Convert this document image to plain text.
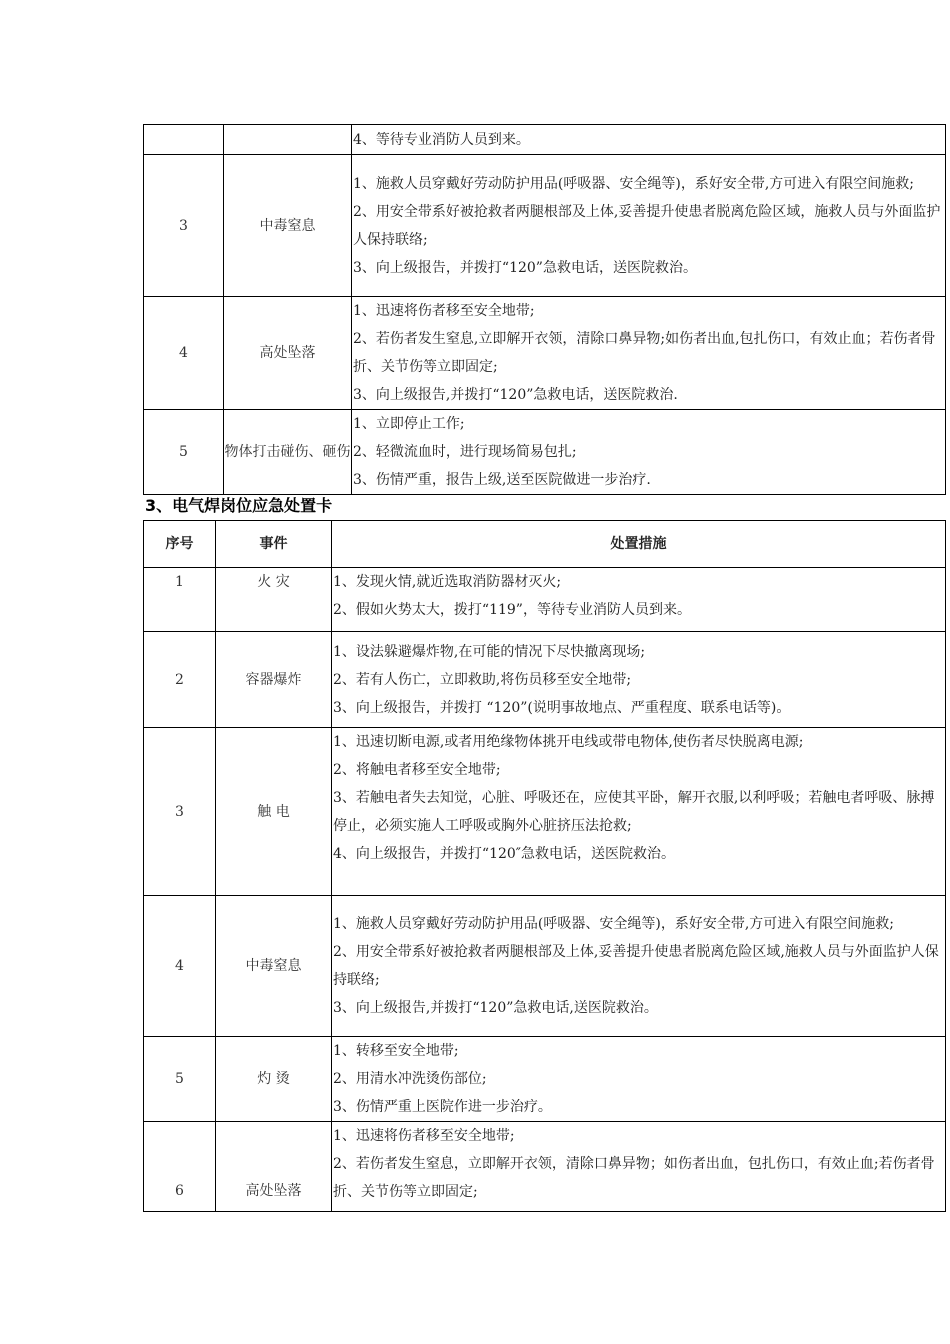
		4、等待专业消防人员到来。

3	中毒窒息	1、施救人员穿戴好劳动防护用品(呼吸器、安全绳等)，系好安全带,方可进入有限空间施救;
2、用安全带系好被抢救者两腿根部及上体,妥善提升使患者脱离危险区域，施救人员与外面监护人保持联络;
3、向上级报告，并拨打“120”急救电话，送医院救治。

4	高处坠落	1、迅速将伤者移至安全地带;
2、若伤者发生窒息,立即解开衣领，清除口鼻异物;如伤者出血,包扎伤口，有效止血；若伤者骨折、关节伤等立即固定;
3、向上级报告,并拨打“120”急救电话，送医院救治.

5	物体打击碰伤、砸伤	1、立即停止工作;
2、轻微流血时，进行现场简易包扎;
3、伤情严重，报告上级,送至医院做进一步治疗.
3、电气焊岗位应急处置卡
序号	事件	处置措施
1	火 灾	1、发现火情,就近选取消防器材灭火;
2、假如火势太大，拨打“119”，等待专业消防人员到来。

2	容器爆炸	1、设法躲避爆炸物,在可能的情况下尽快撤离现场;
2、若有人伤亡，立即救助,将伤员移至安全地带;
3、向上级报告，并拨打 “120”(说明事故地点、严重程度、联系电话等)。

3	触 电	1、迅速切断电源,或者用绝缘物体挑开电线或带电物体,使伤者尽快脱离电源;
2、将触电者移至安全地带;
3、若触电者失去知觉，心脏、呼吸还在，应使其平卧，解开衣服,以利呼吸；若触电者呼吸、脉搏停止，必须实施人工呼吸或胸外心脏挤压法抢救;
4、向上级报告，并拨打“120″急救电话，送医院救治。

4	中毒窒息	1、施救人员穿戴好劳动防护用品(呼吸器、安全绳等)，系好安全带,方可进入有限空间施救;
2、用安全带系好被抢救者两腿根部及上体,妥善提升使患者脱离危险区域,施救人员与外面监护人保持联络;
3、向上级报告,并拨打“120”急救电话,送医院救治。

5	灼 烫	1、转移至安全地带;
2、用清水冲洗烫伤部位;
3、伤情严重上医院作进一步治疗。

6	高处坠落	1、迅速将伤者移至安全地带;
2、若伤者发生窒息，立即解开衣领，清除口鼻异物；如伤者出血，包扎伤口，有效止血;若伤者骨折、关节伤等立即固定;
